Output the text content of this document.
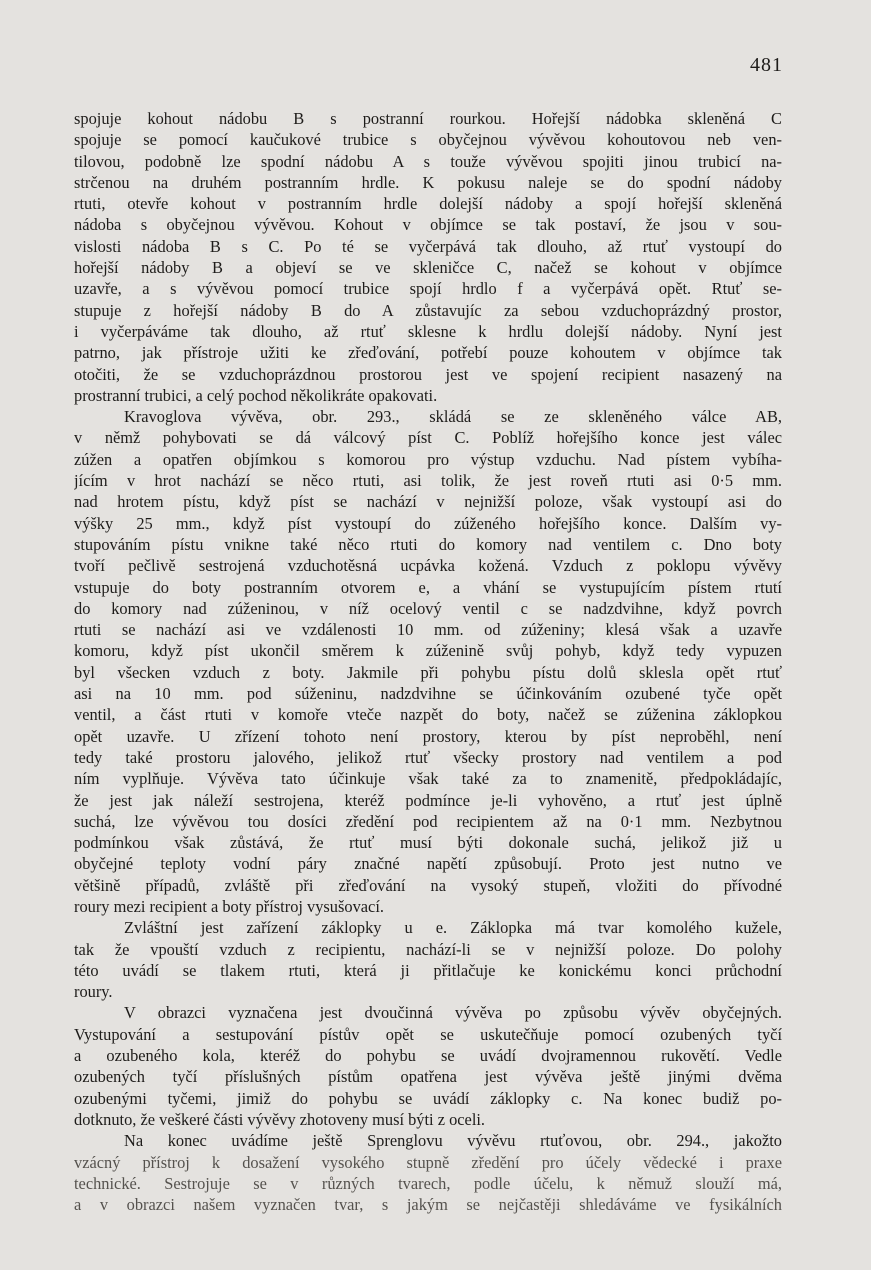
481
spojuje kohout nádobu B s postranní rourkou. Hořejší nádobka skleněná C
spojuje se pomocí kaučukové trubice s obyčejnou vývěvou kohoutovou neb ven-
tilovou, podobně lze spodní nádobu A s touže vývěvou spojiti jinou trubicí na-
strčenou na druhém postranním hrdle. K pokusu naleje se do spodní nádoby
rtuti, otevře kohout v postranním hrdle dolejší nádoby a spojí hořejší skleněná
nádoba s obyčejnou vývěvou. Kohout v objímce se tak postaví, že jsou v sou-
vislosti nádoba B s C. Po té se vyčerpává tak dlouho, až rtuť vystoupí do
hořejší nádoby B a objeví se ve skleničce C, načež se kohout v objímce
uzavře, a s vývěvou pomocí trubice spojí hrdlo f a vyčerpává opět. Rtuť se-
stupuje z hořejší nádoby B do A zůstavujíc za sebou vzduchoprázdný prostor,
i vyčerpáváme tak dlouho, až rtuť sklesne k hrdlu dolejší nádoby. Nyní jest
patrno, jak přístroje užiti ke zřeďování, potřebí pouze kohoutem v objímce tak
otočiti, že se vzduchoprázdnou prostorou jest ve spojení recipient nasazený na
prostranní trubici, a celý pochod několikráte opakovati.
Kravoglova vývěva, obr. 293., skládá se ze skleněného válce AB,
v němž pohybovati se dá válcový píst C. Poblíž hořejšího konce jest válec
zúžen a opatřen objímkou s komorou pro výstup vzduchu. Nad pístem vybíha-
jícím v hrot nachází se něco rtuti, asi tolik, že jest roveň rtuti asi 0·5 mm.
nad hrotem pístu, když píst se nachází v nejnižší poloze, však vystoupí asi do
výšky 25 mm., když píst vystoupí do zúženého hořejšího konce. Dalším vy-
stupováním pístu vnikne také něco rtuti do komory nad ventilem c. Dno boty
tvoří pečlivě sestrojená vzduchotěsná ucpávka kožená. Vzduch z poklopu vývěvy
vstupuje do boty postranním otvorem e, a vhání se vystupujícím pístem rtutí
do komory nad zúženinou, v níž ocelový ventil c se nadzdvihne, když povrch
rtuti se nachází asi ve vzdálenosti 10 mm. od zúženiny; klesá však a uzavře
komoru, když píst ukončil směrem k zúženině svůj pohyb, když tedy vypuzen
byl všecken vzduch z boty. Jakmile při pohybu pístu dolů sklesla opět rtuť
asi na 10 mm. pod súženinu, nadzdvihne se účinkováním ozubené tyče opět
ventil, a část rtuti v komoře vteče nazpět do boty, načež se zúženina záklopkou
opět uzavře. U zřízení tohoto není prostory, kterou by píst neproběhl, není
tedy také prostoru jalového, jelikož rtuť všecky prostory nad ventilem a pod
ním vyplňuje. Vývěva tato účinkuje však také za to znamenitě, předpokládajíc,
že jest jak náleží sestrojena, kteréž podmínce je-li vyhověno, a rtuť jest úplně
suchá, lze vývěvou tou dosíci zředění pod recipientem až na 0·1 mm. Nezbytnou
podmínkou však zůstává, že rtuť musí býti dokonale suchá, jelikož již u
obyčejné teploty vodní páry značné napětí způsobují. Proto jest nutno ve
většině případů, zvláště při zřeďování na vysoký stupeň, vložiti do přívodné
roury mezi recipient a boty přístroj vysušovací.
Zvláštní jest zařízení záklopky u e. Záklopka má tvar komolého kužele,
tak že vpouští vzduch z recipientu, nachází-li se v nejnižší poloze. Do polohy
této uvádí se tlakem rtuti, která ji přitlačuje ke konickému konci průchodní
roury.
V obrazci vyznačena jest dvoučinná vývěva po způsobu vývěv obyčejných.
Vystupování a sestupování pístův opět se uskutečňuje pomocí ozubených tyčí
a ozubeného kola, kteréž do pohybu se uvádí dvojramennou rukovětí. Vedle
ozubených tyčí příslušných pístům opatřena jest vývěva ještě jinými dvěma
ozubenými tyčemi, jimiž do pohybu se uvádí záklopky c. Na konec budiž po-
dotknuto, že veškeré části vývěvy zhotoveny musí býti z oceli.
Na konec uvádíme ještě Sprenglovu vývěvu rtuťovou, obr. 294., jakožto
vzácný přístroj k dosažení vysokého stupně zředění pro účely vědecké i praxe
technické. Sestrojuje se v různých tvarech, podle účelu, k němuž slouží má,
a v obrazci našem vyznačen tvar, s jakým se nejčastěji shledáváme ve fysikálních
